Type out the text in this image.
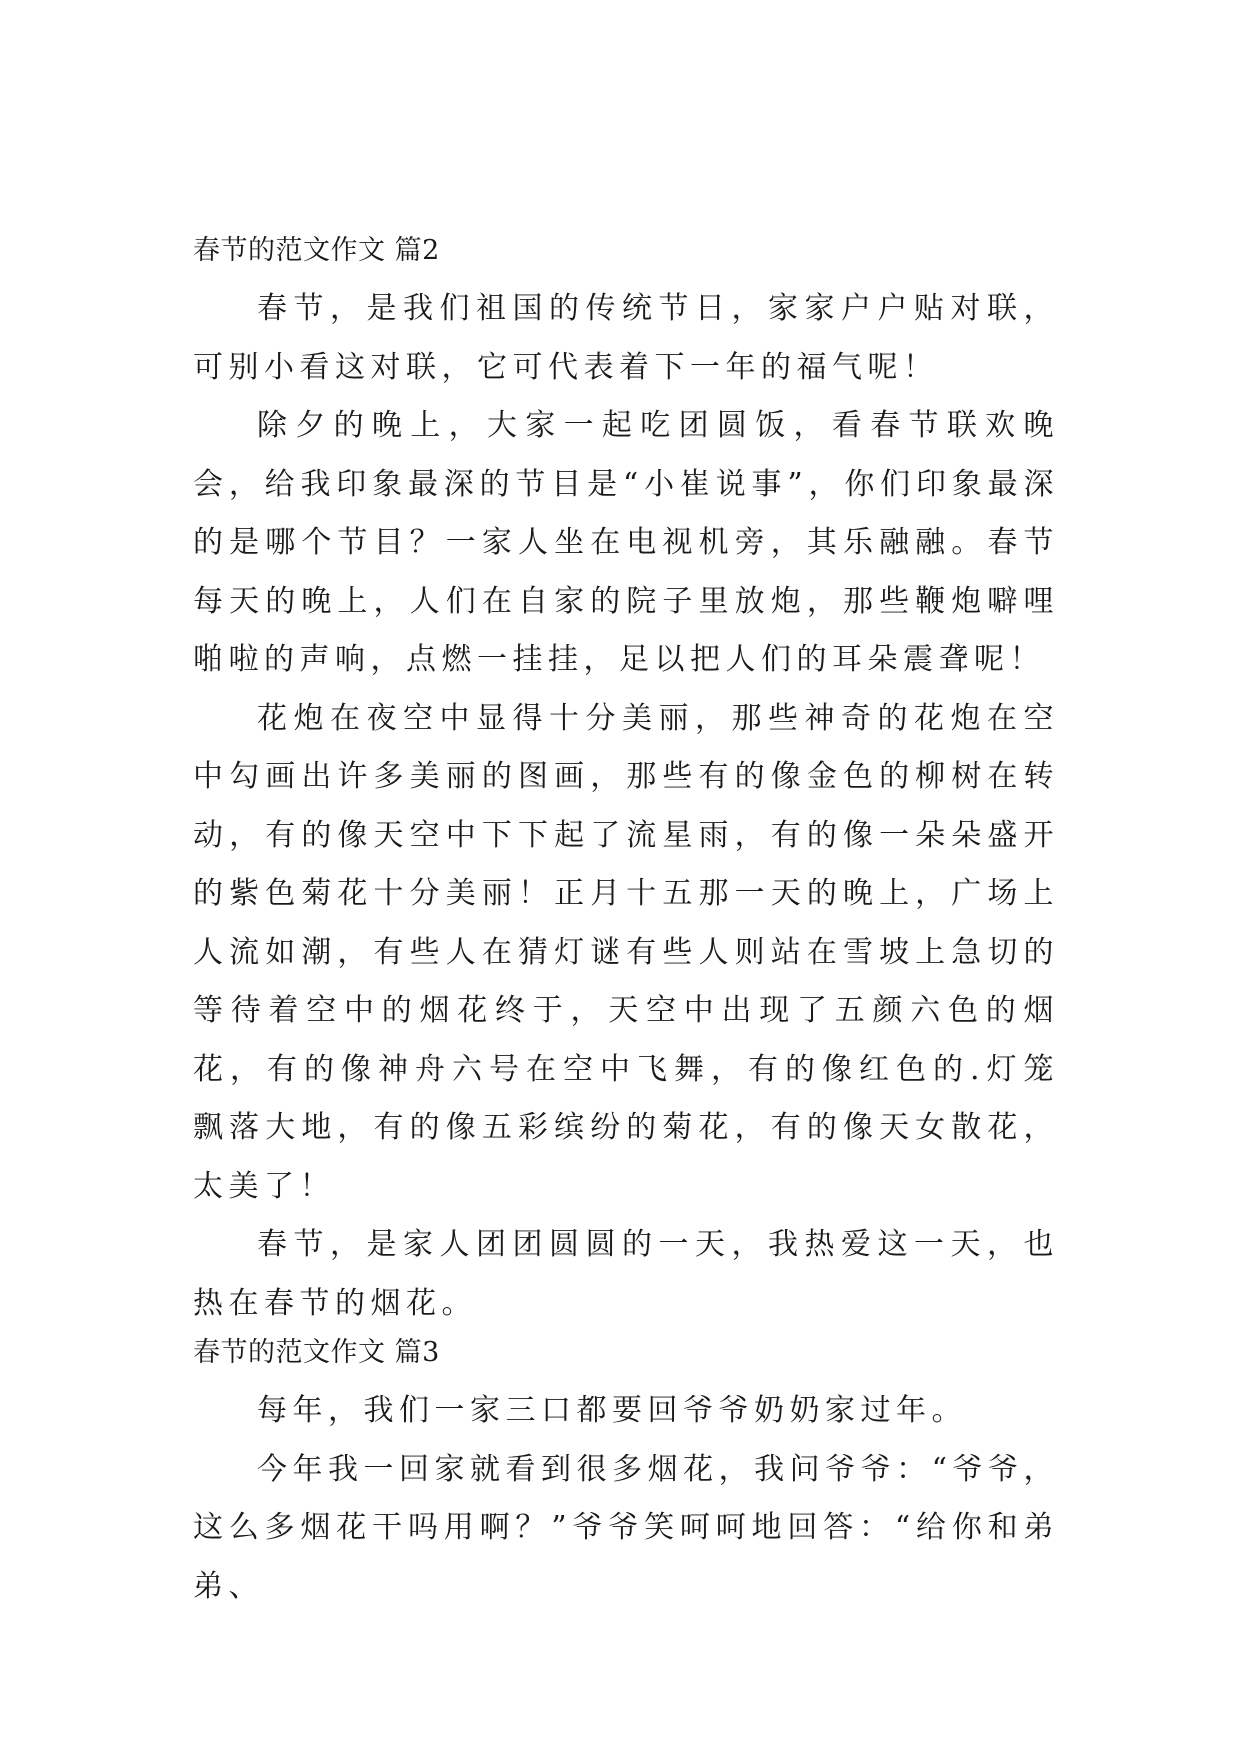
春节的范文作文 篇2

春节，是我们祖国的传统节日，家家户户贴对联，可别小看这对联，它可代表着下一年的福气呢！

除夕的晚上，大家一起吃团圆饭，看春节联欢晚会，给我印象最深的节目是“小崔说事”，你们印象最深的是哪个节目？一家人坐在电视机旁，其乐融融。春节每天的晚上，人们在自家的院子里放炮，那些鞭炮噼哩啪啦的声响，点燃一挂挂，足以把人们的耳朵震聋呢！

花炮在夜空中显得十分美丽，那些神奇的花炮在空中勾画出许多美丽的图画，那些有的像金色的柳树在转动，有的像天空中下下起了流星雨，有的像一朵朵盛开的紫色菊花十分美丽！正月十五那一天的晚上，广场上人流如潮，有些人在猜灯谜有些人则站在雪坡上急切的等待着空中的烟花终于，天空中出现了五颜六色的烟花，有的像神舟六号在空中飞舞，有的像红色的.灯笼飘落大地，有的像五彩缤纷的菊花，有的像天女散花，太美了！

春节，是家人团团圆圆的一天，我热爱这一天，也热在春节的烟花。

春节的范文作文 篇3

每年，我们一家三口都要回爷爷奶奶家过年。

今年我一回家就看到很多烟花，我问爷爷：“爷爷，这么多烟花干吗用啊？”爷爷笑呵呵地回答：“给你和弟弟、
